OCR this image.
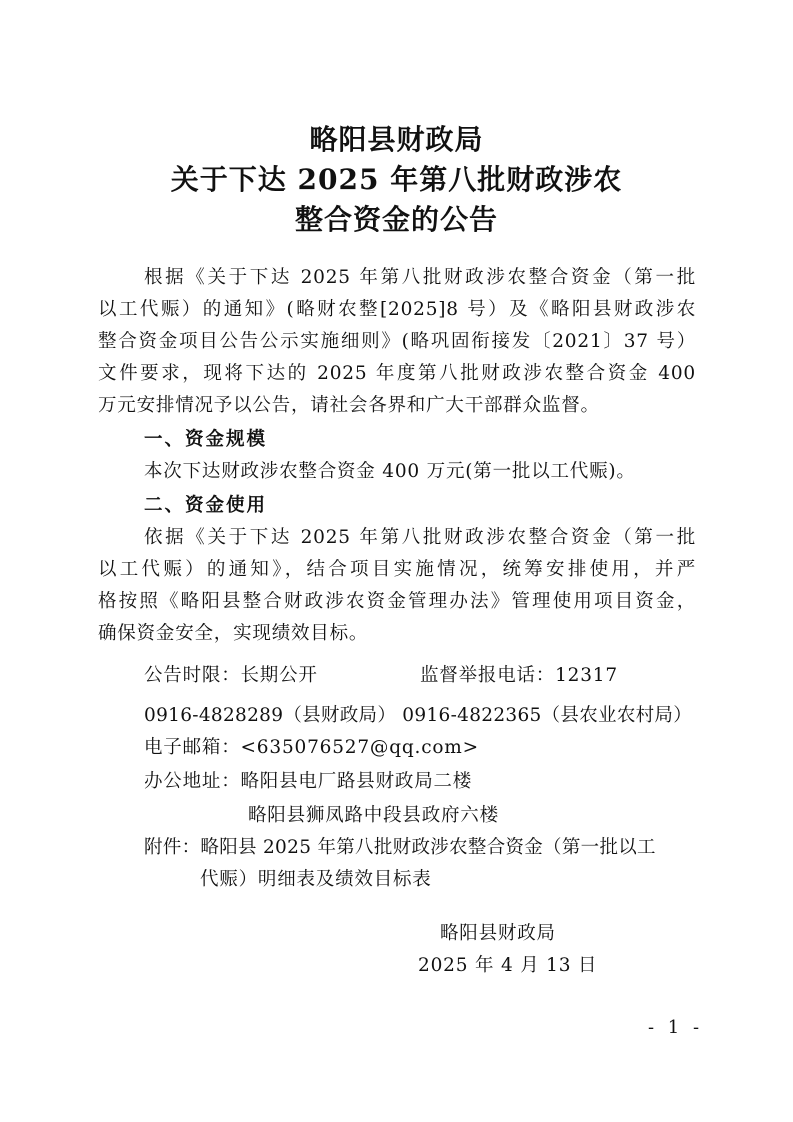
略阳县财政局
关于下达 2025 年第八批财政涉农
整合资金的公告
根据《关于下达 2025 年第八批财政涉农整合资金（第一批
以工代赈）的通知》(略财农整[2025]8 号）及《略阳县财政涉农
整合资金项目公告公示实施细则》(略巩固衔接发〔2021〕37 号）
文件要求，现将下达的 2025 年度第八批财政涉农整合资金 400
万元安排情况予以公告，请社会各界和广大干部群众监督。
一、资金规模
本次下达财政涉农整合资金 400 万元(第一批以工代赈)。
二、资金使用
依据《关于下达 2025 年第八批财政涉农整合资金（第一批
以工代赈）的通知》，结合项目实施情况，统筹安排使用，并严
格按照《略阳县整合财政涉农资金管理办法》管理使用项目资金，
确保资金安全，实现绩效目标。
公告时限：长期公开	监督举报电话：12317
0916-4828289（县财政局） 0916-4822365（县农业农村局）
电子邮箱：<635076527@qq.com>
办公地址：略阳县电厂路县财政局二楼
略阳县狮凤路中段县政府六楼
附件：略阳县 2025 年第八批财政涉农整合资金（第一批以工
代赈）明细表及绩效目标表
略阳县财政局
2025 年 4 月 13 日
- 1 -
